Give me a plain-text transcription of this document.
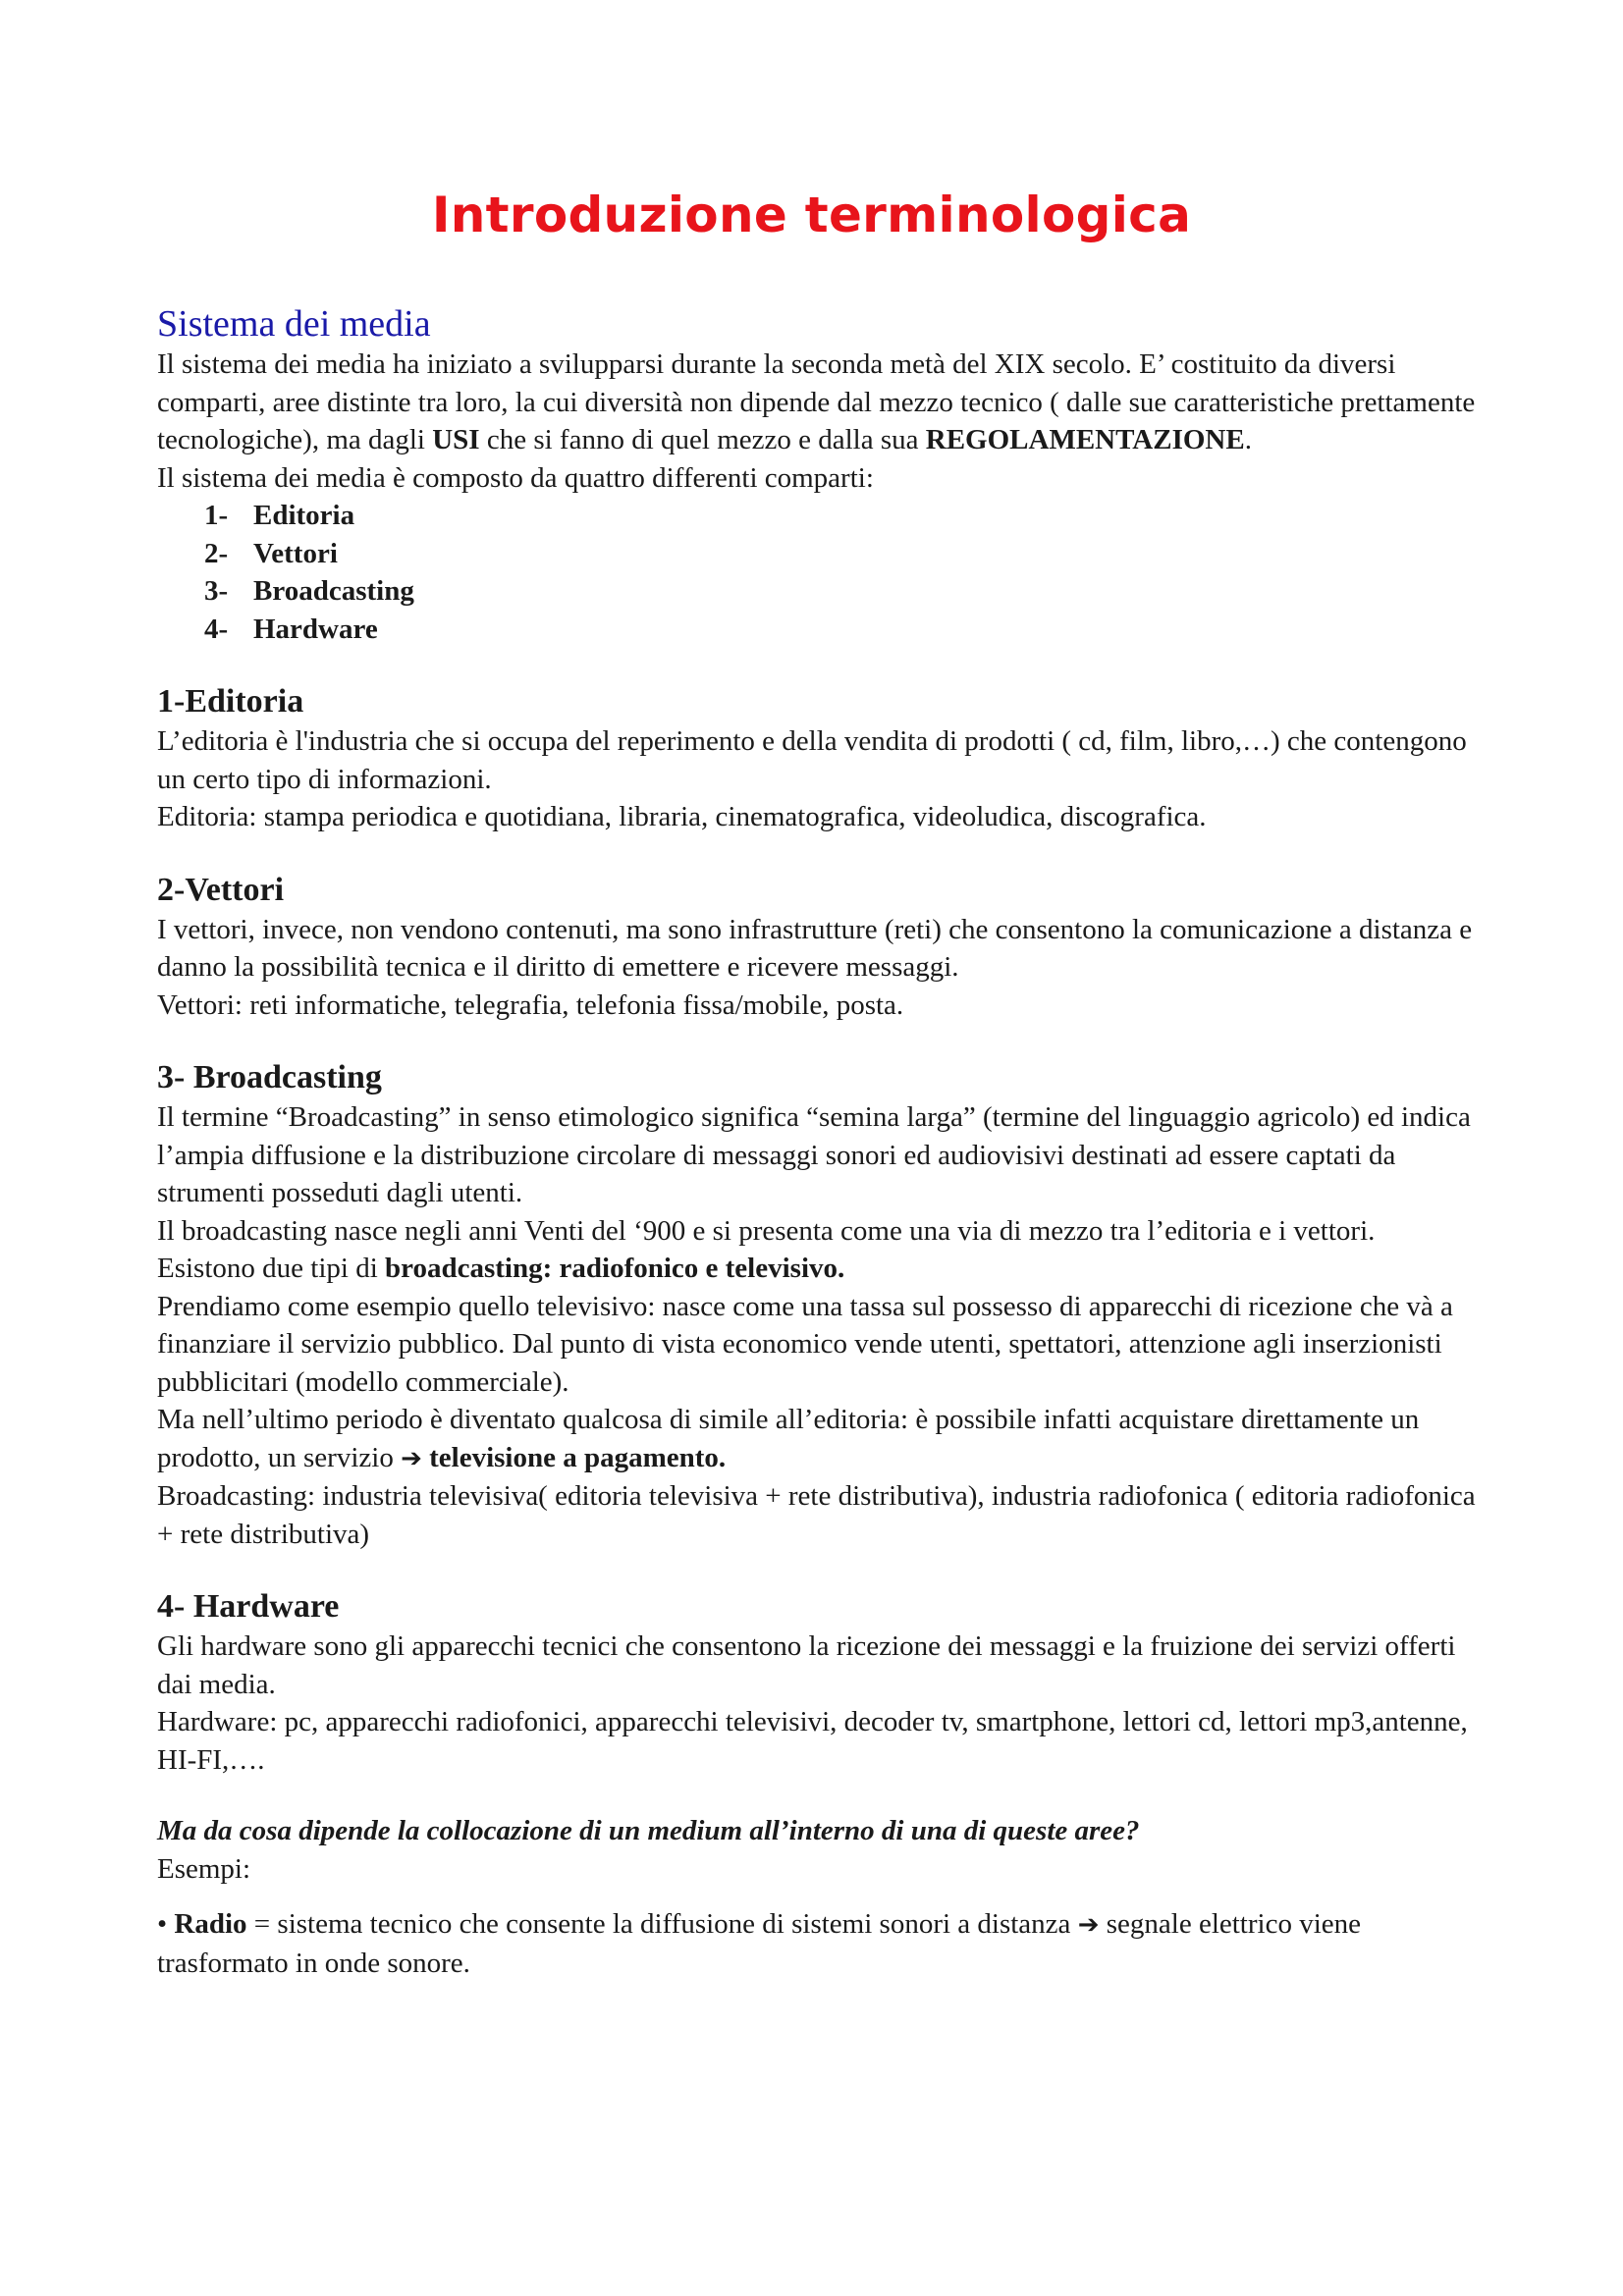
Introduzione terminologica
Sistema dei media

Il sistema dei media ha iniziato a svilupparsi durante la seconda metà del XIX secolo. E’ costituito da diversi comparti, aree distinte tra loro, la cui diversità non dipende dal mezzo tecnico ( dalle sue caratteristiche prettamente tecnologiche), ma dagli USI che si fanno di quel mezzo e dalla sua REGOLAMENTAZIONE.

Il sistema dei media è composto da quattro differenti comparti:

1- Editoria
2- Vettori
3- Broadcasting
4- Hardware
1-Editoria

L’editoria è l'industria che si occupa del reperimento e della vendita di prodotti ( cd, film, libro,…) che contengono un certo tipo di informazioni.

Editoria: stampa periodica e quotidiana, libraria, cinematografica, videoludica, discografica.

2-Vettori

I vettori, invece, non vendono contenuti, ma sono infrastrutture (reti) che consentono la comunicazione a distanza e danno la possibilità tecnica e il diritto di emettere e ricevere messaggi.

Vettori: reti informatiche, telegrafia, telefonia fissa/mobile, posta.

3- Broadcasting

Il termine “Broadcasting” in senso etimologico significa “semina larga” (termine del linguaggio agricolo) ed indica l’ampia diffusione e la distribuzione circolare di messaggi sonori ed audiovisivi destinati ad essere captati da strumenti posseduti dagli utenti.

Il broadcasting nasce negli anni Venti del ‘900 e si presenta come una via di mezzo tra l’editoria e i vettori.

Esistono due tipi di broadcasting: radiofonico e televisivo.

Prendiamo come esempio quello televisivo: nasce come una tassa sul possesso di apparecchi di ricezione che và a finanziare il servizio pubblico. Dal punto di vista economico vende utenti, spettatori, attenzione agli inserzionisti pubblicitari (modello commerciale).

Ma nell’ultimo periodo è diventato qualcosa di simile all’editoria: è possibile infatti acquistare direttamente un prodotto, un servizio ➔ televisione a pagamento.

Broadcasting: industria televisiva( editoria televisiva + rete distributiva), industria radiofonica ( editoria radiofonica + rete distributiva)

4- Hardware

Gli hardware sono gli apparecchi tecnici che consentono la ricezione dei messaggi e la fruizione dei servizi offerti dai media.

Hardware: pc, apparecchi radiofonici, apparecchi televisivi, decoder tv, smartphone, lettori cd, lettori mp3,antenne, HI-FI,….

Ma da cosa dipende la collocazione di un medium all’interno di una di queste aree?

Esempi:

• Radio = sistema tecnico che consente la diffusione di sistemi sonori a distanza ➔ segnale elettrico viene trasformato in onde sonore.
